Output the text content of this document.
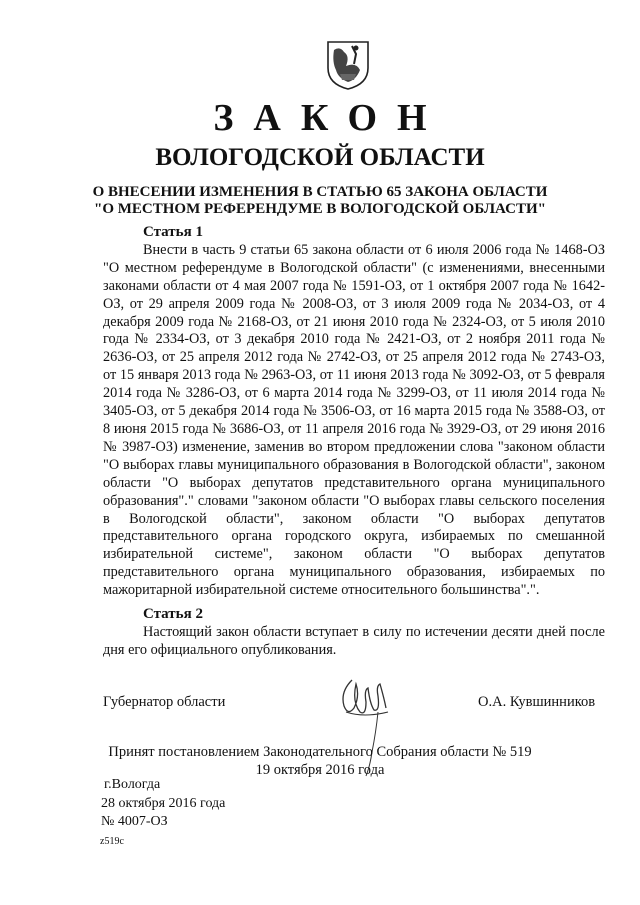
ЗАКОН
ВОЛОГОДСКОЙ ОБЛАСТИ
О ВНЕСЕНИИ ИЗМЕНЕНИЯ В СТАТЬЮ 65 ЗАКОНА ОБЛАСТИ
"О МЕСТНОМ РЕФЕРЕНДУМЕ В ВОЛОГОДСКОЙ ОБЛАСТИ"
Статья 1
Внести в часть 9 статьи 65 закона области от 6 июля 2006 года № 1468-ОЗ "О местном референдуме в Вологодской области" (с изменениями, внесенными законами области от 4 мая 2007 года № 1591-ОЗ, от 1 октября 2007 года № 1642-ОЗ, от 29 апреля 2009 года № 2008-ОЗ, от 3 июля 2009 года № 2034-ОЗ, от 4 декабря 2009 года № 2168-ОЗ, от 21 июня 2010 года № 2324-ОЗ, от 5 июля 2010 года № 2334-ОЗ, от 3 декабря 2010 года № 2421-ОЗ, от 2 ноября 2011 года № 2636-ОЗ, от 25 апреля 2012 года № 2742-ОЗ, от 25 апреля 2012 года № 2743-ОЗ, от 15 января 2013 года № 2963-ОЗ, от 11 июня 2013 года № 3092-ОЗ, от 5 февраля 2014 года № 3286-ОЗ, от 6 марта 2014 года № 3299-ОЗ, от 11 июля 2014 года № 3405-ОЗ, от 5 декабря 2014 года № 3506-ОЗ, от 16 марта 2015 года № 3588-ОЗ, от 8 июня 2015 года № 3686-ОЗ, от 11 апреля 2016 года № 3929-ОЗ, от 29 июня 2016 № 3987-ОЗ) изменение, заменив во втором предложении слова "законом области "О выборах главы муниципального образования в Вологодской области", законом области "О выборах депутатов представительного органа муниципального образования"." словами "законом области "О выборах главы сельского поселения в Вологодской области", законом области "О выборах депутатов представительного органа городского округа, избираемых по смешанной избирательной системе", законом области "О выборах депутатов представительного органа муниципального образования, избираемых по мажоритарной избирательной системе относительного большинства".".
Статья 2
Настоящий закон области вступает в силу по истечении десяти дней после дня его официального опубликования.
Губернатор области	О.А. Кувшинников
Принят постановлением Законодательного Собрания области № 519
19 октября 2016 года
г.Вологда
28 октября 2016 года
№ 4007-ОЗ
z519c
